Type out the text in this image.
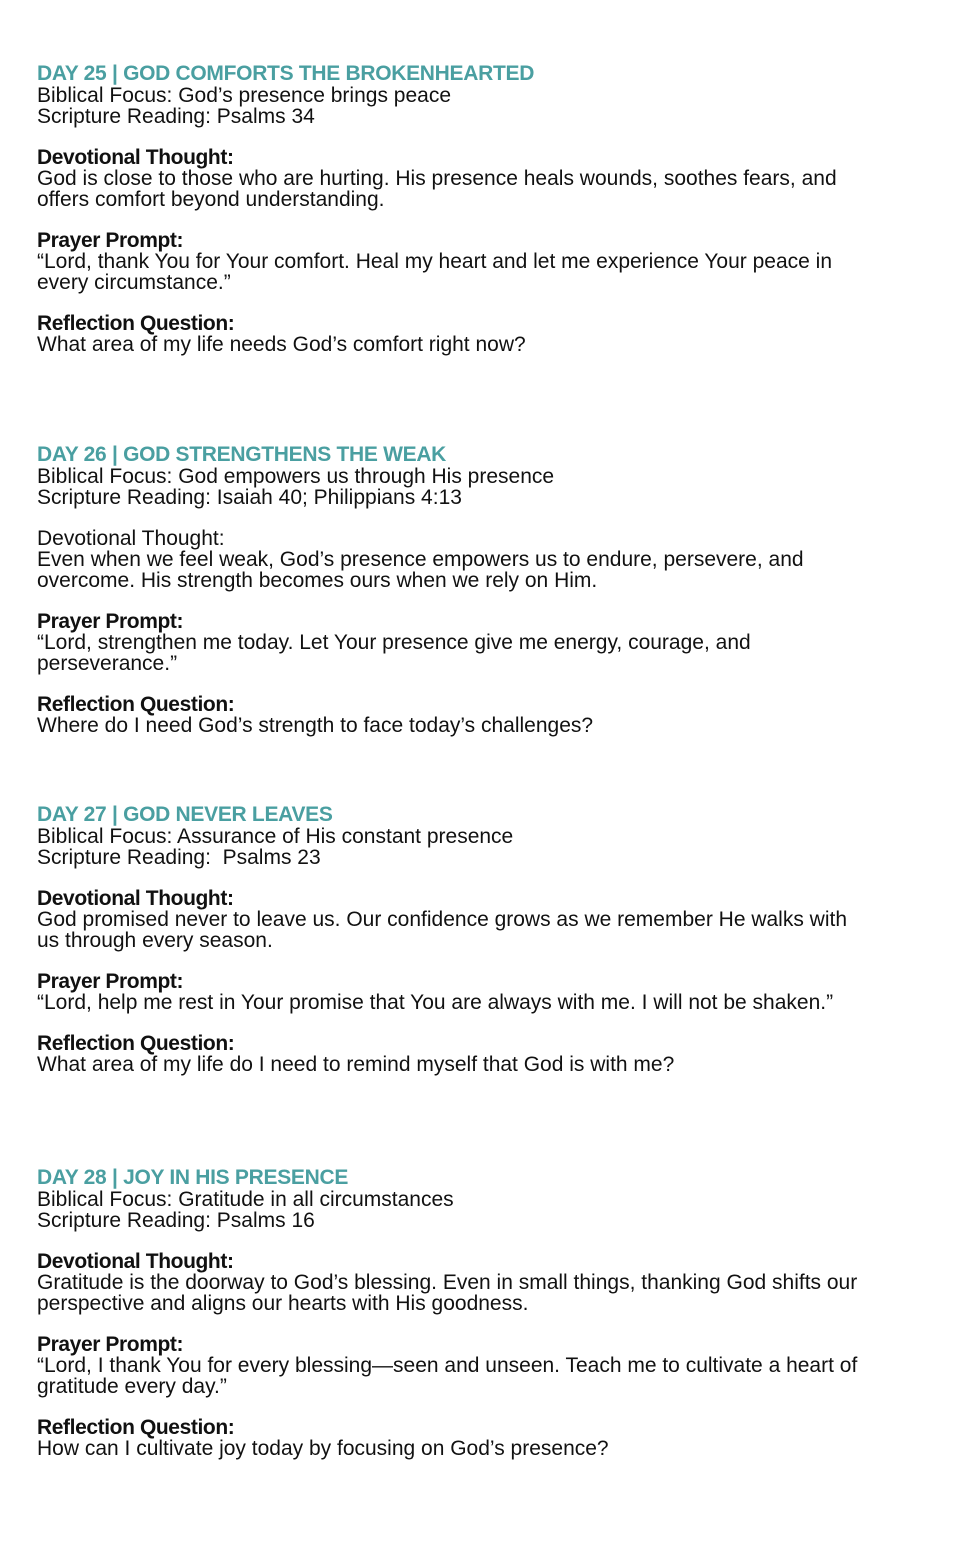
DAY 25 | GOD COMFORTS THE BROKENHEARTED

Biblical Focus: God’s presence brings peace

Scripture Reading: Psalms 34

Devotional Thought:

God is close to those who are hurting. His presence heals wounds, soothes fears, and

offers comfort beyond understanding.

Prayer Prompt:

“Lord, thank You for Your comfort. Heal my heart and let me experience Your peace in

every circumstance.”

Reflection Question:

What area of my life needs God’s comfort right now?

DAY 26 | GOD STRENGTHENS THE WEAK

Biblical Focus: God empowers us through His presence

Scripture Reading: Isaiah 40; Philippians 4:13

Devotional Thought:

Even when we feel weak, God’s presence empowers us to endure, persevere, and

overcome. His strength becomes ours when we rely on Him.

Prayer Prompt:

“Lord, strengthen me today. Let Your presence give me energy, courage, and

perseverance.”

Reflection Question:

Where do I need God’s strength to face today’s challenges?

DAY 27 | GOD NEVER LEAVES

Biblical Focus: Assurance of His constant presence

Scripture Reading:  Psalms 23

Devotional Thought:

God promised never to leave us. Our confidence grows as we remember He walks with

us through every season.

Prayer Prompt:

“Lord, help me rest in Your promise that You are always with me. I will not be shaken.”

Reflection Question:

What area of my life do I need to remind myself that God is with me?

DAY 28 | JOY IN HIS PRESENCE

Biblical Focus: Gratitude in all circumstances

Scripture Reading: Psalms 16

Devotional Thought:

Gratitude is the doorway to God’s blessing. Even in small things, thanking God shifts our

perspective and aligns our hearts with His goodness.

Prayer Prompt:

“Lord, I thank You for every blessing—seen and unseen. Teach me to cultivate a heart of

gratitude every day.”

Reflection Question:

How can I cultivate joy today by focusing on God’s presence?
